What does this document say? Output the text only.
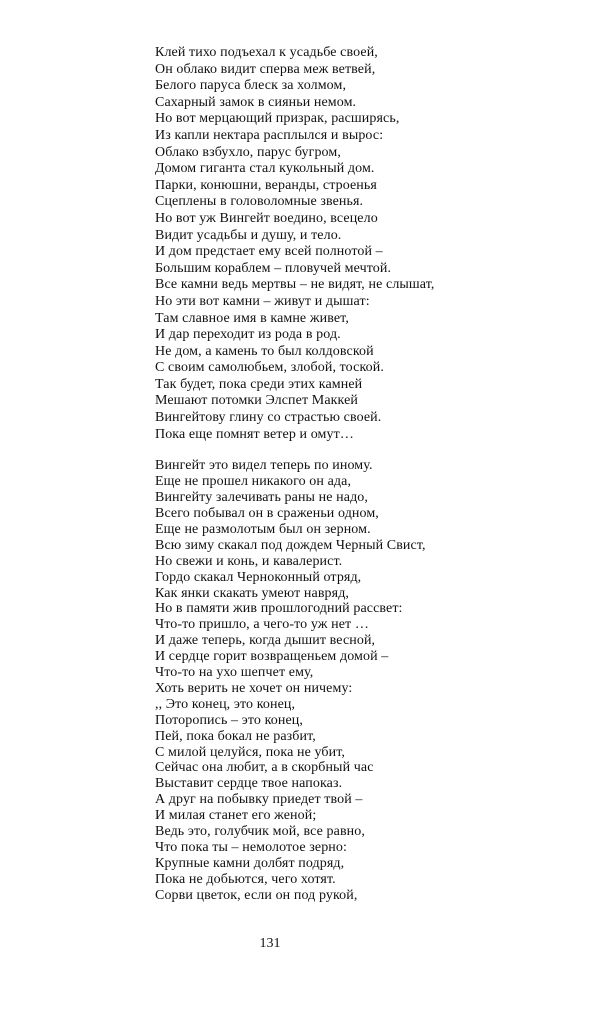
Клей тихо подъехал к усадьбе своей,
Он облако видит сперва меж ветвей,
Белого паруса блеск за холмом,
Сахарный замок в сияньи немом.
Но вот мерцающий призрак, расширясь,
Из капли нектара расплылся и вырос:
Облако взбухло, парус бугром,
Домом гиганта стал кукольный дом.
Парки, конюшни, веранды, строенья
Сцеплены в головоломные звенья.
Но вот уж Вингейт воедино, всецело
Видит усадьбы и душу, и тело.
И дом предстает ему всей полнотой –
Большим кораблем – пловучей мечтой.
Все камни ведь мертвы – не видят, не слышат,
Но эти вот камни – живут и дышат:
Там славное имя в камне живет,
И дар переходит из рода в род.
Не дом, а камень то был колдовской
С своим самолюбьем, злобой, тоской.
Так будет, пока среди этих камней
Мешают потомки Элспет Маккей
Вингейтову глину со страстью своей.
Пока еще помнят ветер и омут…
Вингейт это видел теперь по иному.
Еще не прошел никакого он ада,
Вингейту залечивать раны не надо,
Всего побывал он в сраженьи одном,
Еще не размолотым был он зерном.
Всю зиму скакал под дождем Черный Свист,
Но свежи и конь, и кавалерист.
Гордо скакал Черноконный отряд,
Как янки скакать умеют навряд,
Но в памяти жив прошлогодний рассвет:
Что-то пришло, а чего-то уж нет …
И даже теперь, когда дышит весной,
И сердце горит возвращеньем домой –
Что-то на ухо шепчет ему,
Хоть верить не хочет он ничему:
,, Это конец, это конец,
Поторопись – это конец,
Пей, пока бокал не разбит,
С милой целуйся, пока не убит,
Сейчас она любит, а в скорбный час
Выставит сердце твое напоказ.
А друг на побывку приедет твой –
И милая станет его женой;
Ведь это, голубчик мой, все равно,
Что пока ты – немолотое зерно:
Крупные камни долбят подряд,
Пока не добьются, чего хотят.
Сорви цветок, если он под рукой,
131
